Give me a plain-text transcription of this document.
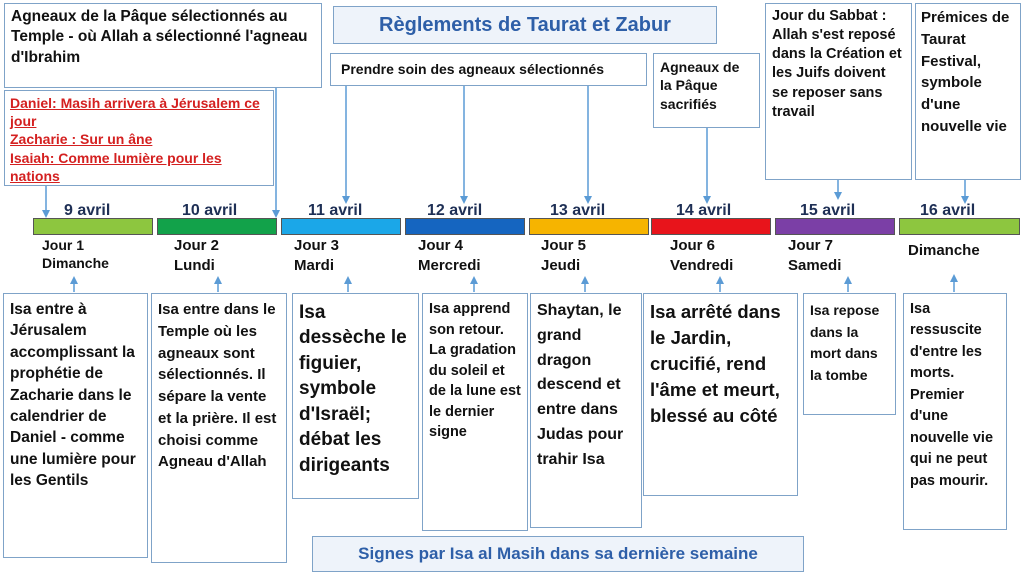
Règlements de Taurat et Zabur
Agneaux de la Pâque sélectionnés au Temple - où Allah a sélectionné l'agneau d'Ibrahim
Daniel: Masih arrivera à Jérusalem ce jour
Zacharie : Sur un âne
Isaiah: Comme lumière pour les nations
Prendre soin des agneaux sélectionnés	Agneaux de la Pâque sacrifiés
Jour du Sabbat : Allah s'est reposé dans la Création et les Juifs doivent se reposer sans travail
Prémices de Taurat Festival, symbole d'une nouvelle vie
9 avril	10 avril	11 avril	12 avril	13 avril	14 avril	15 avril	16 avril
Jour 1
Dimanche
Jour 2
Lundi
Jour 3
Mardi
Jour 4
Mercredi
Jour 5
Jeudi
Jour 6
Vendredi
Jour 7
Samedi
Dimanche
Isa entre à Jérusalem accomplissant la prophétie de Zacharie dans le calendrier de Daniel - comme une lumière pour les Gentils
Isa entre dans le Temple où les agneaux sont sélectionnés. Il sépare la vente et la prière. Il est choisi comme Agneau d'Allah
Isa dessèche le figuier, symbole d'Israël; débat les dirigeants
Isa apprend son retour. La gradation du soleil et de la lune est le dernier signe
Shaytan, le grand dragon descend et entre dans Judas pour trahir Isa
Isa arrêté dans le Jardin, crucifié, rend l'âme et meurt, blessé au côté
Isa repose dans la mort dans la tombe
Isa ressuscite d'entre les morts. Premier d'une nouvelle vie qui ne peut pas mourir.
Signes par Isa al Masih dans sa dernière semaine
